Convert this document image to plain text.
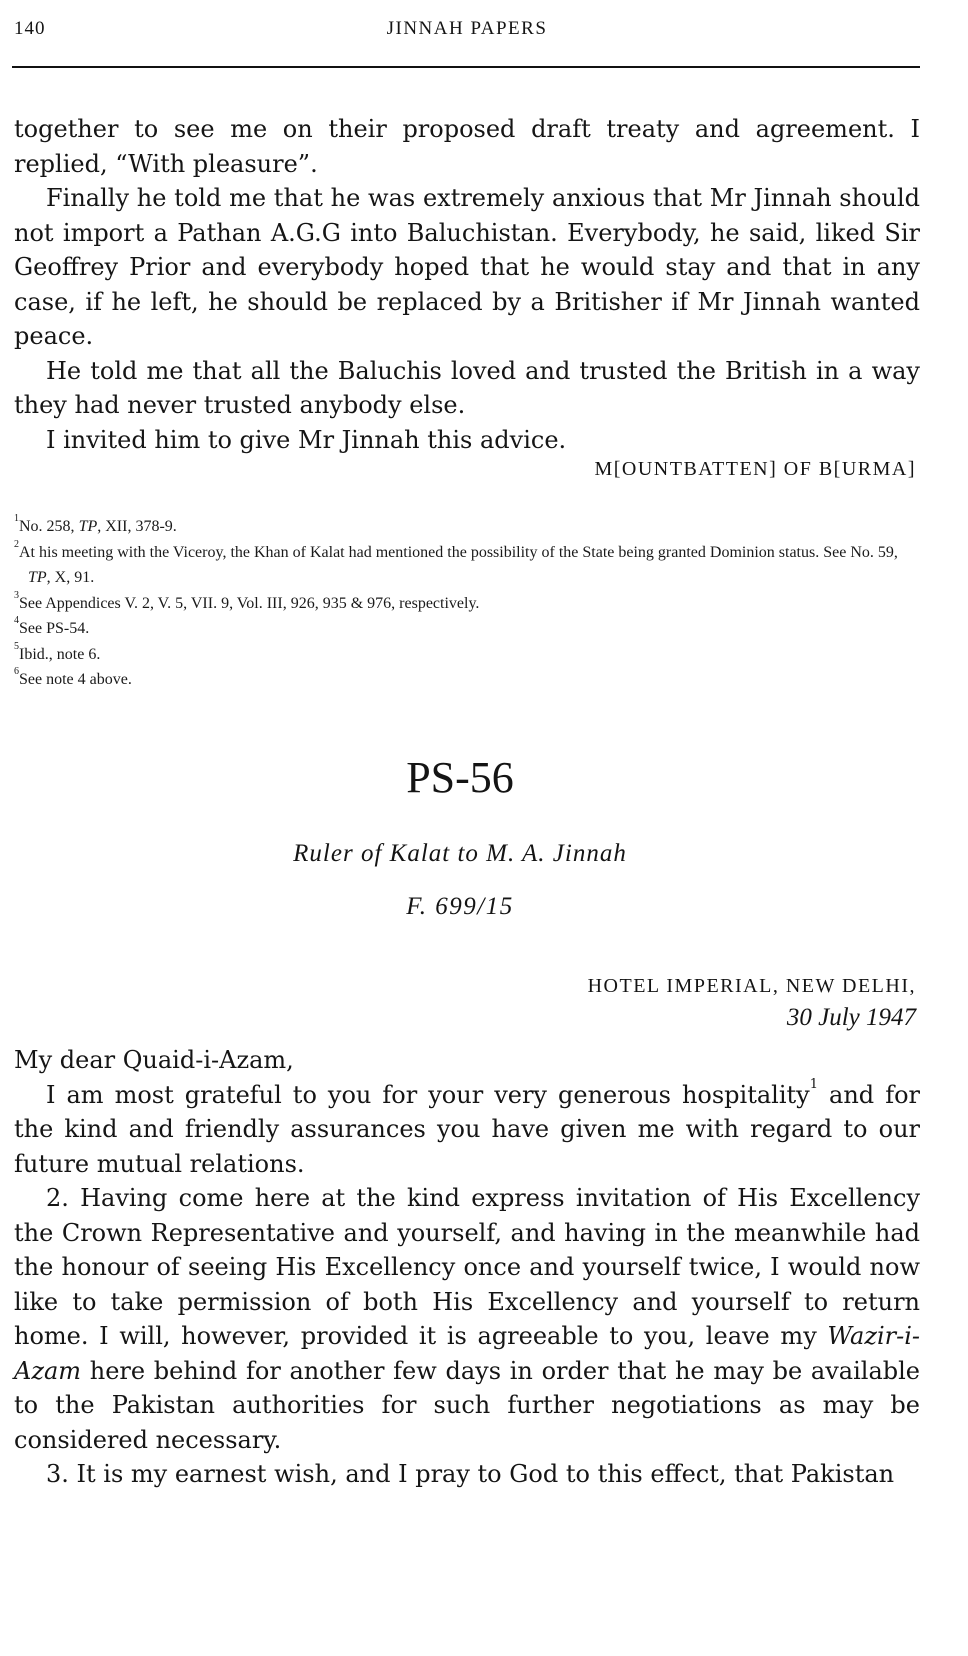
140	JINNAH PAPERS

together to see me on their proposed draft treaty and agreement. I replied, “With pleasure”.

Finally he told me that he was extremely anxious that Mr Jinnah should not import a Pathan A.G.G into Baluchistan. Everybody, he said, liked Sir Geoffrey Prior and everybody hoped that he would stay and that in any case, if he left, he should be replaced by a Britisher if Mr Jinnah wanted peace.

He told me that all the Baluchis loved and trusted the British in a way they had never trusted anybody else.

I invited him to give Mr Jinnah this advice.

M[OUNTBATTEN] OF B[URMA]

$^1$No. 258, TP, XII, 378-9.

$^2$At his meeting with the Viceroy, the Khan of Kalat had mentioned the possibility of the State being granted Dominion status. See No. 59, TP, X, 91.

$^3$See Appendices V. 2, V. 5, VII. 9, Vol. III, 926, 935 & 976, respectively.

$^4$See PS-54.

$^5$Ibid., note 6.

$^6$See note 4 above.

PS-56
Ruler of Kalat to M. A. Jinnah
F. 699/15
HOTEL IMPERIAL, NEW DELHI,
30 July 1947

My dear Quaid-i-Azam,

I am most grateful to you for your very generous hospitality$^1$ and for the kind and friendly assurances you have given me with regard to our future mutual relations.

2. Having come here at the kind express invitation of His Excellency the Crown Representative and yourself, and having in the meanwhile had the honour of seeing His Excellency once and yourself twice, I would now like to take permission of both His Excellency and yourself to return home. I will, however, provided it is agreeable to you, leave my Wazir-i-Azam here behind for another few days in order that he may be available to the Pakistan authorities for such further negotiations as may be considered necessary.

3. It is my earnest wish, and I pray to God to this effect, that Pakistan
